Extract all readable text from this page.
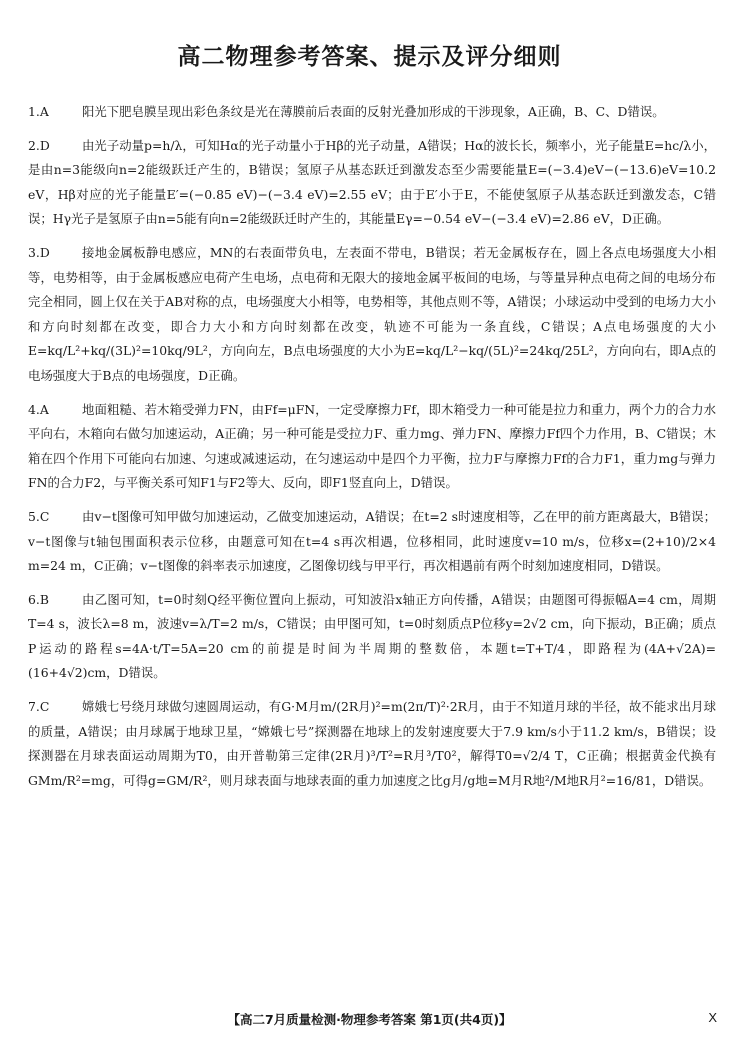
高二物理参考答案、提示及评分细则
1.A	阳光下肥皂膜呈现出彩色条纹是光在薄膜前后表面的反射光叠加形成的干涉现象，A正确，B、C、D错误。

2.D	由光子动量p=h/λ，可知Hα的光子动量小于Hβ的光子动量，A错误；Hα的波长长，频率小，光子能量E=hc/λ小，是由n=3能级向n=2能级跃迁产生的，B错误；氢原子从基态跃迁到激发态至少需要能量E=(−3.4)eV−(−13.6)eV=10.2 eV，Hβ对应的光子能量E′=(−0.85 eV)−(−3.4 eV)=2.55 eV；由于E′小于E，不能使氢原子从基态跃迁到激发态，C错误；Hγ光子是氢原子由n=5能有向n=2能级跃迁时产生的，其能量Eγ=−0.54 eV−(−3.4 eV)=2.86 eV，D正确。

3.D	接地金属板静电感应，MN的右表面带负电，左表面不带电，B错误；若无金属板存在，圆上各点电场强度大小相等，电势相等，由于金属板感应电荷产生电场，点电荷和无限大的接地金属平板间的电场，与等量异种点电荷之间的电场分布完全相同，圆上仅在关于AB对称的点，电场强度大小相等，电势相等，其他点则不等，A错误；小球运动中受到的电场力大小和方向时刻都在改变，即合力大小和方向时刻都在改变，轨迹不可能为一条直线，C错误；A点电场强度的大小E=kq/L²+kq/(3L)²=10kq/9L²，方向向左，B点电场强度的大小为E=kq/L²−kq/(5L)²=24kq/25L²，方向向右，即A点的电场强度大于B点的电场强度，D正确。

4.A	地面粗糙、若木箱受弹力FN，由Ff=μFN，一定受摩擦力Ff，即木箱受力一种可能是拉力和重力，两个力的合力水平向右，木箱向右做匀加速运动，A正确；另一种可能是受拉力F、重力mg、弹力FN、摩擦力Ff四个力作用，B、C错误；木箱在四个作用下可能向右加速、匀速或减速运动，在匀速运动中是四个力平衡，拉力F与摩擦力Ff的合力F1，重力mg与弹力FN的合力F2，与平衡关系可知F1与F2等大、反向，即F1竖直向上，D错误。

5.C	由v−t图像可知甲做匀加速运动，乙做变加速运动，A错误；在t=2 s时速度相等，乙在甲的前方距离最大，B错误；v−t图像与t轴包围面积表示位移，由题意可知在t=4 s再次相遇，位移相同，此时速度v=10 m/s，位移x=(2+10)/2×4 m=24 m，C正确；v−t图像的斜率表示加速度，乙图像切线与甲平行，再次相遇前有两个时刻加速度相同，D错误。

6.B	由乙图可知，t=0时刻Q经平衡位置向上振动，可知波沿x轴正方向传播，A错误；由题图可得振幅A=4 cm，周期T=4 s，波长λ=8 m，波速v=λ/T=2 m/s，C错误；由甲图可知，t=0时刻质点P位移y=2√2 cm，向下振动，B正确；质点P运动的路程s=4A·t/T=5A=20 cm的前提是时间为半周期的整数倍，本题t=T+T/4，即路程为(4A+√2A)=(16+4√2)cm，D错误。

7.C	嫦娥七号绕月球做匀速圆周运动，有G·M月m/(2R月)²=m(2π/T)²·2R月，由于不知道月球的半径，故不能求出月球的质量，A错误；由月球属于地球卫星，“嫦娥七号”探测器在地球上的发射速度要大于7.9 km/s小于11.2 km/s，B错误；设探测器在月球表面运动周期为T0，由开普勒第三定律(2R月)³/T²=R月³/T0²，解得T0=√2/4 T，C正确；根据黄金代换有GMm/R²=mg，可得g=GM/R²，则月球表面与地球表面的重力加速度之比g月/g地=M月R地²/M地R月²=16/81，D错误。

【高二7月质量检测·物理参考答案 第1页(共4页)】	X
